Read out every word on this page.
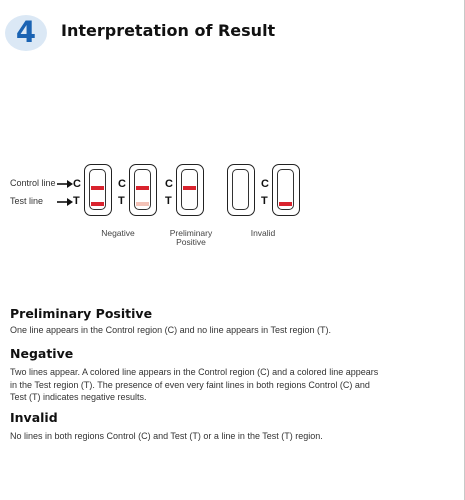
4	Interpretation of Result
Control line
Test line
C
T
C
T
C
T
C
T
Negative	Preliminary
Positive
Invalid
Preliminary Positive
One line appears in the Control region (C) and no line appears in Test region (T).
Negative
Two lines appear. A colored line appears in the Control region (C) and a colored line appears
in the Test region (T). The presence of even very faint lines in both regions Control (C) and
Test (T) indicates negative results.
Invalid
No lines in both regions Control (C) and Test (T) or a line in the Test (T) region.
